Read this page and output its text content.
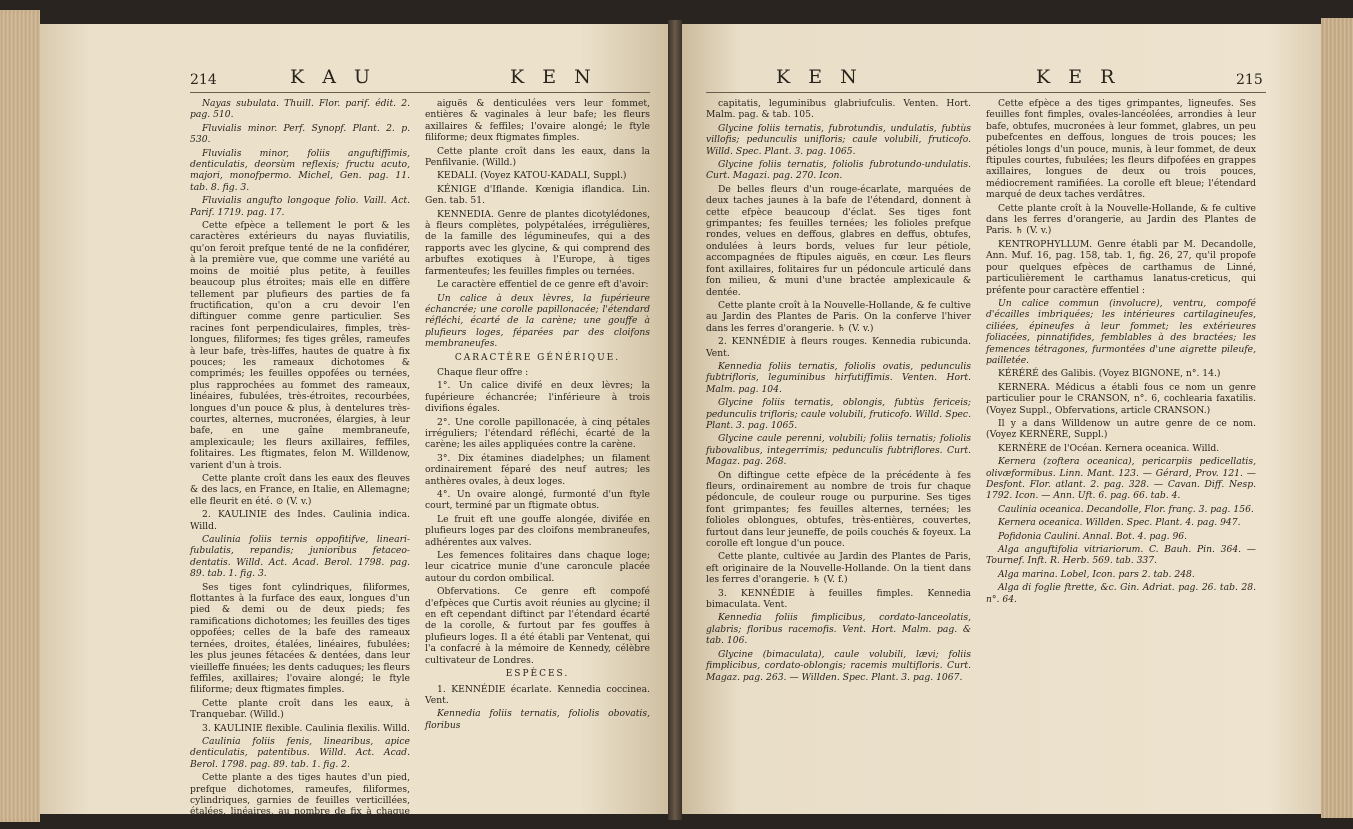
214	K A U	K E N

Nayas subulata. Thuill. Flor. parif. édit. 2. pag. 510.

Fluvialis minor. Perf. Synopf. Plant. 2. p. 530.

Fluvialis minor, foliis anguftiffimis, denticulatis, deorsùm reflexis; fructu acuto, majori, monofpermo. Michel, Gen. pag. 11. tab. 8. fig. 3.

Fluvialis angufto longoque folio. Vaill. Act. Parif. 1719. pag. 17.

Cette efpèce a tellement le port & les caractères extérieurs du nayas fluviatilis, qu'on feroit prefque tenté de ne la confidérer, à la première vue, que comme une variété au moins de moitié plus petite, à feuilles beaucoup plus étroites; mais elle en diffère tellement par plufieurs des parties de fa fructification, qu'on a cru devoir l'en diftinguer comme genre particulier. Ses racines font perpendiculaires, fimples, très-longues, filiformes; fes tiges grêles, rameufes à leur bafe, très-liffes, hautes de quatre à fix pouces; les rameaux dichotomes & comprimés; les feuilles oppofées ou ternées, plus rapprochées au fommet des rameaux, linéaires, fubulées, très-étroites, recourbées, longues d'un pouce & plus, à dentelures très-courtes, alternes, mucronées, élargies, à leur bafe, en une gaîne membraneufe, amplexicaule; les fleurs axillaires, feffiles, folitaires. Les ftigmates, felon M. Willdenow, varient d'un à trois.

Cette plante croît dans les eaux des fleuves & des lacs, en France, en Italie, en Allemagne; elle fleurit en été. ⊙ (V. v.)

2. KAULINIE des Indes. Caulinia indica. Willd.

Caulinia foliis ternis oppofitifve, lineari-fubulatis, repandis; junioribus fetaceo-dentatis. Willd. Act. Acad. Berol. 1798. pag. 89. tab. 1. fig. 3.

Ses tiges font cylindriques, filiformes, flottantes à la furface des eaux, longues d'un pied & demi ou de deux pieds; fes ramifications dichotomes; les feuilles des tiges oppofées; celles de la bafe des rameaux ternées, droites, étalées, linéaires, fubulées; les plus jeunes fétacées & dentées, dans leur vieilleffe finuées; les dents caduques; les fleurs feffiles, axillaires; l'ovaire alongé; le ftyle filiforme; deux ftigmates fimples.

Cette plante croît dans les eaux, à Tranquebar. (Willd.)

3. KAULINIE flexible. Caulinia flexilis. Willd.

Caulinia foliis fenis, linearibus, apice denticulatis, patentibus. Willd. Act. Acad. Berol. 1798. pag. 89. tab. 1. fig. 2.

Cette plante a des tiges hautes d'un pied, prefque dichotomes, rameufes, filiformes, cylindriques, garnies de feuilles verticillées, étalées, linéaires, au nombre de fix à chaque verticille,

aiguës & denticulées vers leur fommet, entières & vaginales à leur bafe; les fleurs axillaires & feffiles; l'ovaire alongé; le ftyle filiforme; deux ftigmates fimples.

Cette plante croît dans les eaux, dans la Penfilvanie. (Willd.)

KEDALI. (Voyez KATOU-KADALI, Suppl.)

KÉNIGE d'Iflande. Kœnigia iflandica. Lin. Gen. tab. 51.

KENNEDIA. Genre de plantes dicotylédones, à fleurs complètes, polypétalées, irrégulières, de la famille des légumineufes, qui a des rapports avec les glycine, & qui comprend des arbuftes exotiques à l'Europe, à tiges farmenteufes; les feuilles fimples ou ternées.

Le caractère effentiel de ce genre eft d'avoir:

Un calice à deux lèvres, la fupérieure échancrée; une corolle papillonacée; l'étendard réfléchi, écarté de la carène; une gouffe à plufieurs loges, féparées par des cloifons membraneufes.

CARACTÈRE GÉNÉRIQUE.

Chaque fleur offre :

1°. Un calice divifé en deux lèvres; la fupérieure échancrée; l'inférieure à trois divifions égales.

2°. Une corolle papillonacée, à cinq pétales irréguliers; l'étendard réfléchi, écarté de la carène; les ailes appliquées contre la carène.

3°. Dix étamines diadelphes; un filament ordinairement féparé des neuf autres; les anthères ovales, à deux loges.

4°. Un ovaire alongé, furmonté d'un ftyle court, terminé par un ftigmate obtus.

Le fruit eft une gouffe alongée, divifée en plufieurs loges par des cloifons membraneufes, adhérentes aux valves.

Les femences folitaires dans chaque loge; leur cicatrice munie d'une caroncule placée autour du cordon ombilical.

Obfervations. Ce genre eft compofé d'efpèces que Curtis avoit réunies au glycine; il en eft cependant diftinct par l'étendard écarté de la corolle, & furtout par fes gouffes à plufieurs loges. Il a été établi par Ventenat, qui l'a confacré à la mémoire de Kennedy, célèbre cultivateur de Londres.

ESPÈCES.

1. KENNÉDIE écarlate. Kennedia coccinea. Vent.

Kennedia foliis ternatis, foliolis obovatis, floribus

K E N	K E R	215

capitatis, leguminibus glabriufculis. Venten. Hort. Malm. pag. & tab. 105.

Glycine foliis ternatis, fubrotundis, undulatis, fubtùs villofis; pedunculis unifloris; caule volubili, fruticofo. Willd. Spec. Plant. 3. pag. 1065.

Glycine foliis ternatis, foliolis fubrotundo-undulatis. Curt. Magazi. pag. 270. Icon.

De belles fleurs d'un rouge-écarlate, marquées de deux taches jaunes à la bafe de l'étendard, donnent à cette efpèce beaucoup d'éclat. Ses tiges font grimpantes; fes feuilles ternées; les folioles prefque rondes, velues en deffous, glabres en deffus, obtufes, ondulées à leurs bords, velues fur leur pétiole, accompagnées de ftipules aiguës, en cœur. Les fleurs font axillaires, folitaires fur un pédoncule articulé dans fon milieu, & muni d'une bractée amplexicaule & dentée.

Cette plante croît à la Nouvelle-Hollande, & fe cultive au Jardin des Plantes de Paris. On la conferve l'hiver dans les ferres d'orangerie. ♄ (V. v.)

2. KENNÉDIE à fleurs rouges. Kennedia rubicunda. Vent.

Kennedia foliis ternatis, foliolis ovatis, pedunculis fubtrifloris, leguminibus hirfutiffimis. Venten. Hort. Malm. pag. 104.

Glycine foliis ternatis, oblongis, fubtùs fericeis; pedunculis trifloris; caule volubili, fruticofo. Willd. Spec. Plant. 3. pag. 1065.

Glycine caule perenni, volubili; foliis ternatis; foliolis fubovalibus, integerrimis; pedunculis fubtriflores. Curt. Magaz. pag. 268.

On diftingue cette efpèce de la précédente à fes fleurs, ordinairement au nombre de trois fur chaque pédoncule, de couleur rouge ou purpurine. Ses tiges font grimpantes; fes feuilles alternes, ternées; les folioles oblongues, obtufes, très-entières, couvertes, furtout dans leur jeuneffe, de poils couchés & foyeux. La corolle eft longue d'un pouce.

Cette plante, cultivée au Jardin des Plantes de Paris, eft originaire de la Nouvelle-Hollande. On la tient dans les ferres d'orangerie. ♄ (V. f.)

3. KENNÉDIE à feuilles fimples. Kennedia bimaculata. Vent.

Kennedia foliis fimplicibus, cordato-lanceolatis, glabris; floribus racemofis. Vent. Hort. Malm. pag. & tab. 106.

Glycine (bimaculata), caule volubili, lævi; foliis fimplicibus, cordato-oblongis; racemis multifloris. Curt. Magaz. pag. 263. — Willden. Spec. Plant. 3. pag. 1067.

Cette efpèce a des tiges grimpantes, ligneufes. Ses feuilles font fimples, ovales-lancéolées, arrondies à leur bafe, obtufes, mucronées à leur fommet, glabres, un peu pubefcentes en deffous, longues de trois pouces; les pétioles longs d'un pouce, munis, à leur fommet, de deux ftipules courtes, fubulées; les fleurs difpofées en grappes axillaires, longues de deux ou trois pouces, médiocrement ramifiées. La corolle eft bleue; l'étendard marqué de deux taches verdâtres.

Cette plante croît à la Nouvelle-Hollande, & fe cultive dans les ferres d'orangerie, au Jardin des Plantes de Paris. ♄ (V. v.)

KENTROPHYLLUM. Genre établi par M. Decandolle, Ann. Muf. 16, pag. 158, tab. 1, fig. 26, 27, qu'il propofe pour quelques efpèces de carthamus de Linné, particulièrement le carthamus lanatus-creticus, qui préfente pour caractère effentiel :

Un calice commun (involucre), ventru, compofé d'écailles imbriquées; les intérieures cartilagineufes, ciliées, épineufes à leur fommet; les extérieures foliacées, pinnatifides, femblables à des bractées; les femences tétragones, furmontées d'une aigrette pileufe, pailletée.

KÉRÉRÉ des Galibis. (Voyez BIGNONE, n°. 14.)

KERNERA. Médicus a établi fous ce nom un genre particulier pour le CRANSON, n°. 6, cochlearia faxatilis. (Voyez Suppl., Obfervations, article CRANSON.)

Il y a dans Willdenow un autre genre de ce nom. (Voyez KERNÈRE, Suppl.)

KERNÈRE de l'Océan. Kernera oceanica. Willd.

Kernera (zoftera oceanica), pericarpiis pedicellatis, olivæformibus. Linn. Mant. 123. — Gérard, Prov. 121. — Desfont. Flor. atlant. 2. pag. 328. — Cavan. Diff. Nesp. 1792. Icon. — Ann. Uft. 6. pag. 66. tab. 4.

Caulinia oceanica. Decandolle, Flor. franç. 3. pag. 156.

Kernera oceanica. Willden. Spec. Plant. 4. pag. 947.

Pofidonia Caulini. Annal. Bot. 4. pag. 96.

Alga anguftifolia vitriariorum. C. Bauh. Pin. 364. — Tournef. Inft. R. Herb. 569. tab. 337.

Alga marina. Lobel, Icon. pars 2. tab. 248.

Alga di foglie ftrette, &c. Gin. Adriat. pag. 26. tab. 28. n°. 64.
